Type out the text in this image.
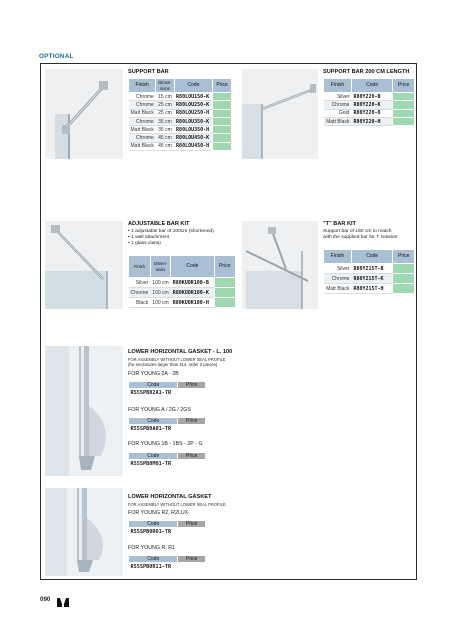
OPTIONAL
SUPPORT BAR
Finish	Dimen-sions	Code	Price
Chrome	15 cm	R80LOU150-K	
Chrome	25 cm	R80LOU250-K	
Matt Black	25 cm	R80LOU250-H	
Chrome	35 cm	R80LOU350-K	
Matt Black	35 cm	R80LOU350-H	
Chrome	45 cm	R80LOU450-K	
Matt Black	45 cm	R80LOU450-H	
SUPPORT BAR 200 CM LENGTH
Finish	Code	Price
Silver	R80Y220-B	
Chrome	R80Y220-K	
Gold	R80Y220-O	
Matt Black	R80Y220-H	
ADJUSTABLE BAR KIT
• 1 adjustable bar of 100cm (shortened)
• 1 wall attachment
• 1 glass clamp
Finish	Dimen-sions	Code	Price
Silver	100 cm	R80KUOR100-B	
Chrome	100 cm	R80KUOR100-K	
Black	100 cm	R80KUOR100-H	
"T" BAR KIT
Support bar of 150 cm to match
with the supplied bar for T solution
Finish	Code	Price
Silver	R80Y215T-B	
Chrome	R80Y215T-K	
Matt Black	R80Y215T-H	
LOWER HORIZONTAL GASKET - L. 100
FOR ASSEMBLY WITHOUT LOWER SEAL PROFILE
(for enclosures larger than 114, order 2 pieces)
FOR YOUNG 2A - 2B
Code	Price
R55SPB02A1-TR	
FOR YOUNG A / 2G / 2GS
Code	Price
R55SPB0A01-TR	
FOR YOUNG 1B - 1BS - 2P - G
Code	Price
R55SPB0M01-TR	
LOWER HORIZONTAL GASKET
FOR ASSEMBLY WITHOUT LOWER SEAL PROFILE
FOR YOUNG R2, R2LUX
Code	Price
R55SPB0R01-TR	
FOR YOUNG R, R1
Code	Price
R55SPB0R11-TR	
090
